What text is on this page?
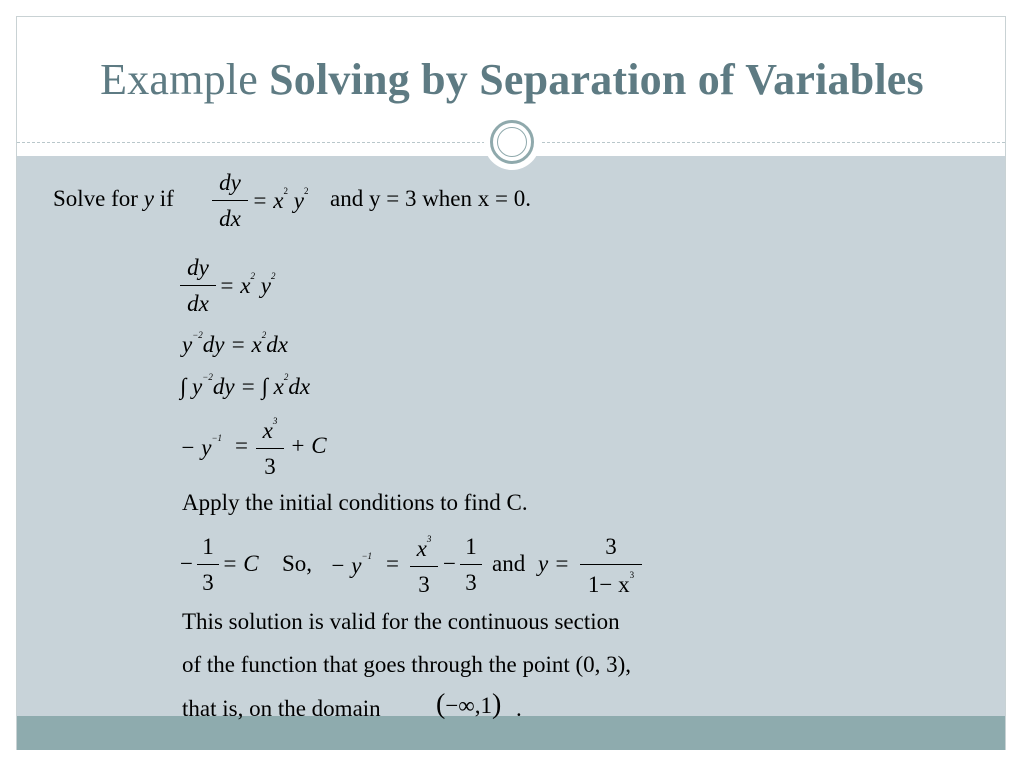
Example Solving by Separation of Variables
Solve for y if $\frac{dy}{dx} = x^2$ $y^2$ and y = 3 when x = 0.
$\frac{dy}{dx} = x^2$ $y^2$
$y^{-2}dy = x^2dx$
∫ $y^{-2}dy$ = ∫ $x^2dx$
− $y^{-1} = \frac{x^3}{3} + C$
Apply the initial conditions to find C.
− $\frac{1}{3} = C$ So, − $y^{-1} = \frac{x^3}{3} - \frac{1}{3}$ and $y = \frac{3}{1- x^3}$
This solution is valid for the continuous section
of the function that goes through the point (0, 3),
that is, on the domain (−∞,1) .
